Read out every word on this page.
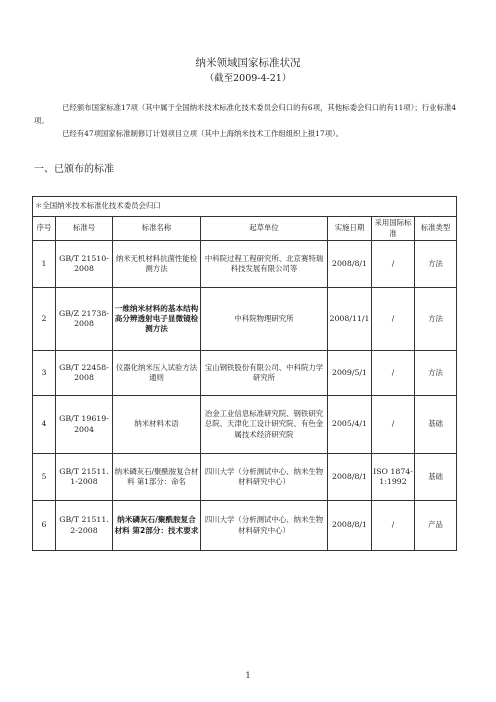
纳米领域国家标准状况
（截至2009-4-21）
已经颁布国家标准17项（其中属于全国纳米技术标准化技术委员会归口的有6项，其他标委会归口的有11项）；行业标准4项。
已经有47项国家标准制修订计划项目立项（其中上海纳米技术工作组组织上报17项）。
一、已颁布的标准
＊全国纳米技术标准化技术委员会归口						
序号	标准号	标准名称	起草单位	实施日期	采用国际标准	标准类型
1	GB/T 21510-2008	纳米无机材料抗菌性能检测方法	中科院过程工程研究所、北京赛特瑞科技发展有限公司等	2008/8/1	/	方法
2	GB/Z 21738-2008	一维纳米材料的基本结构 高分辨透射电子显微镜检测方法	中科院物理研究所	2008/11/1	/	方法
3	GB/T 22458-2008	仪器化纳米压入试验方法通则	宝山钢铁股份有限公司、中科院力学研究所	2009/5/1	/	方法
4	GB/T 19619-2004	纳米材料术语	冶金工业信息标准研究院、钢铁研究总院、天津化工设计研究院、有色金属技术经济研究院	2005/4/1	/	基础
5	GB/T 21511.1-2008	纳米磷灰石/聚酰胺复合材料 第1部分：命名	四川大学（分析测试中心、纳米生物材料研究中心）	2008/8/1	ISO 1874-1:1992	基础
6	GB/T 21511.2-2008	纳米磷灰石/聚酰胺复合材料 第2部分：技术要求	四川大学（分析测试中心、纳米生物材料研究中心）	2008/8/1	/	产品
1
